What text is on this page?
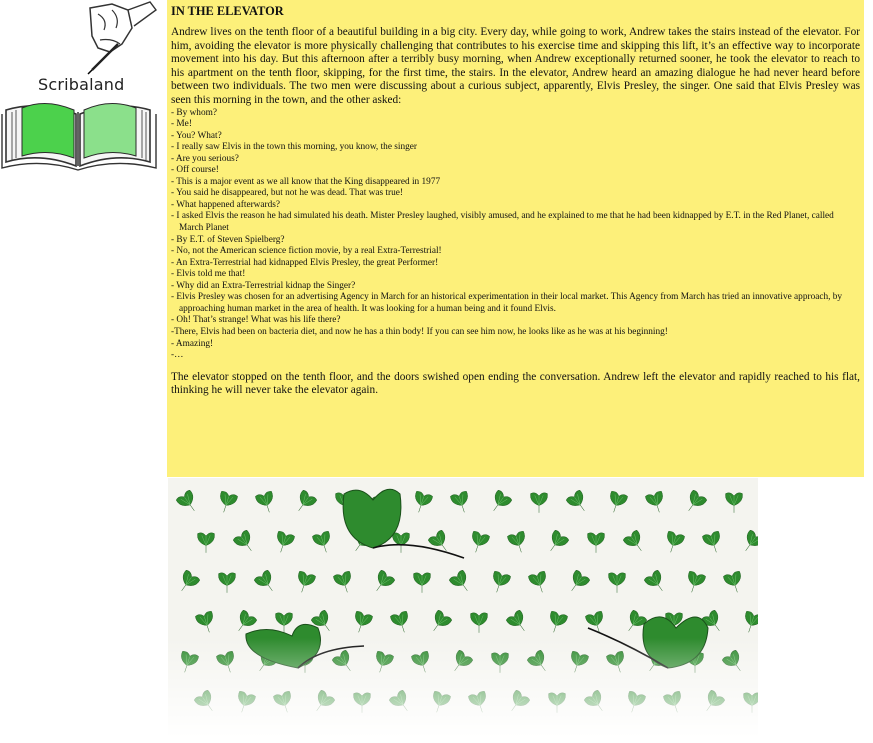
Scribaland
IN THE ELEVATOR

Andrew lives on the tenth floor of a beautiful building in a big city. Every day, while going to work, Andrew takes the stairs instead of the elevator. For him, avoiding the elevator is more physically challenging that contributes to his exercise time and skipping this lift, it’s an effective way to incorporate movement into his day. But this afternoon after a terribly busy morning, when Andrew exceptionally returned sooner, he took the elevator to reach to his apartment on the tenth floor, skipping, for the first time, the stairs. In the elevator, Andrew heard an amazing dialogue he had never heard before between two individuals. The two men were discussing about a curious subject, apparently, Elvis Presley, the singer. One said that Elvis Presley was seen this morning in the town, and the other asked:

- By whom?
- Me!
- You? What?
- I really saw Elvis in the town this morning, you know, the singer
- Are you serious?
- Off course!
- This is a major event as we all know that the King disappeared in 1977
- You said he disappeared, but not he was dead. That was true!
- What happened afterwards?
- I asked Elvis the reason he had simulated his death. Mister Presley laughed, visibly amused, and he explained to me that he had been kidnapped by E.T. in the Red Planet, called March Planet
- By E.T. of Steven Spielberg?
- No, not the American science fiction movie, by a real Extra-Terrestrial!
- An Extra-Terrestrial had kidnapped Elvis Presley, the great Performer!
- Elvis told me that!
- Why did an Extra-Terrestrial kidnap the Singer?
- Elvis Presley was chosen for an advertising Agency in March for an historical experimentation in their local market. This Agency from March has tried an innovative approach, by approaching human market in the area of health. It was looking for a human being and it found Elvis.
- Oh! That’s strange! What was his life there?
-There, Elvis had been on bacteria diet, and now he has a thin body! If you can see him now, he looks like as he was at his beginning!
- Amazing!
-…

The elevator stopped on the tenth floor, and the doors swished open ending the conversation. Andrew left the elevator and rapidly reached to his flat, thinking he will never take the elevator again.
